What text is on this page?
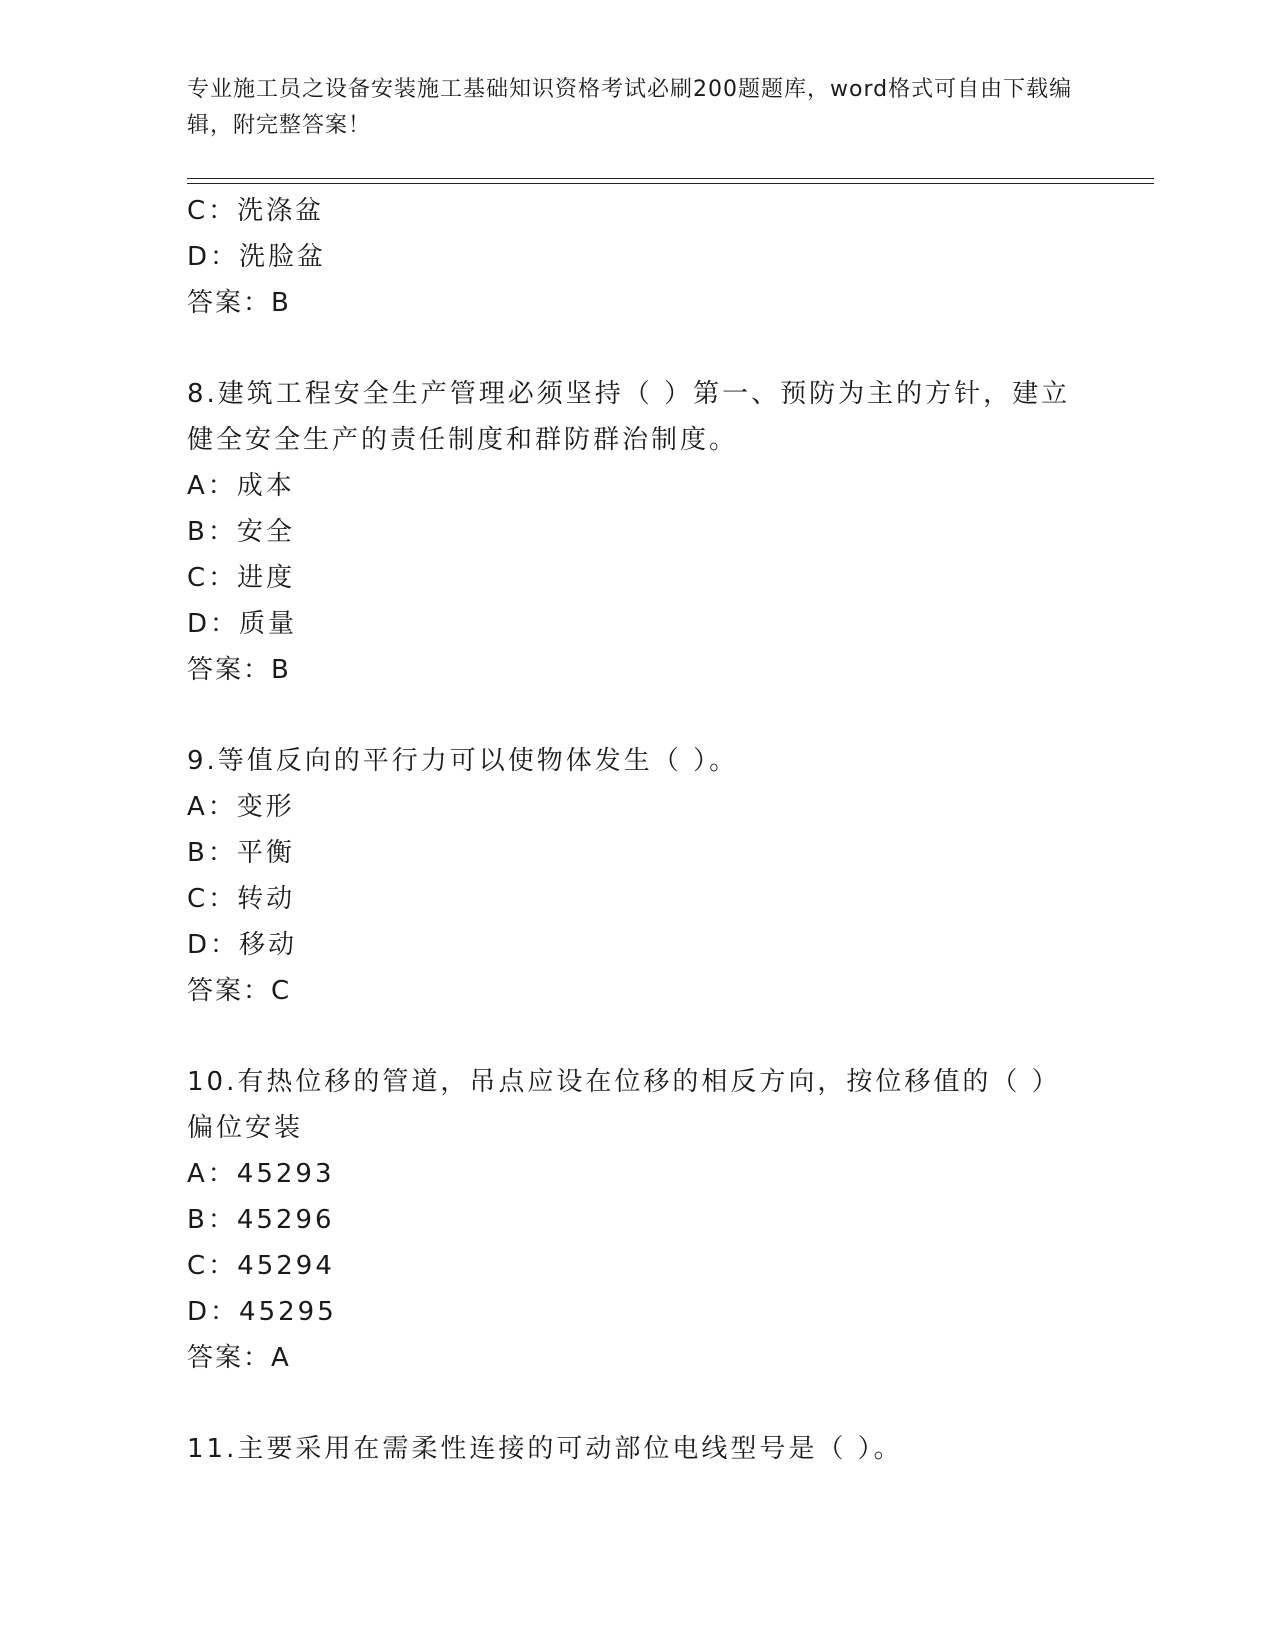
专业施工员之设备安装施工基础知识资格考试必刷200题题库，word格式可自由下载编辑，附完整答案！
C：洗涤盆
D：洗脸盆
答案：B
8.建筑工程安全生产管理必须坚持（ ）第一、预防为主的方针，建立健全安全生产的责任制度和群防群治制度。
A：成本
B：安全
C：进度
D：质量
答案：B
9.等值反向的平行力可以使物体发生（ ）。
A：变形
B：平衡
C：转动
D：移动
答案：C
10.有热位移的管道，吊点应设在位移的相反方向，按位移值的（ ）偏位安装
A：45293
B：45296
C：45294
D：45295
答案：A
11.主要采用在需柔性连接的可动部位电线型号是（ ）。
